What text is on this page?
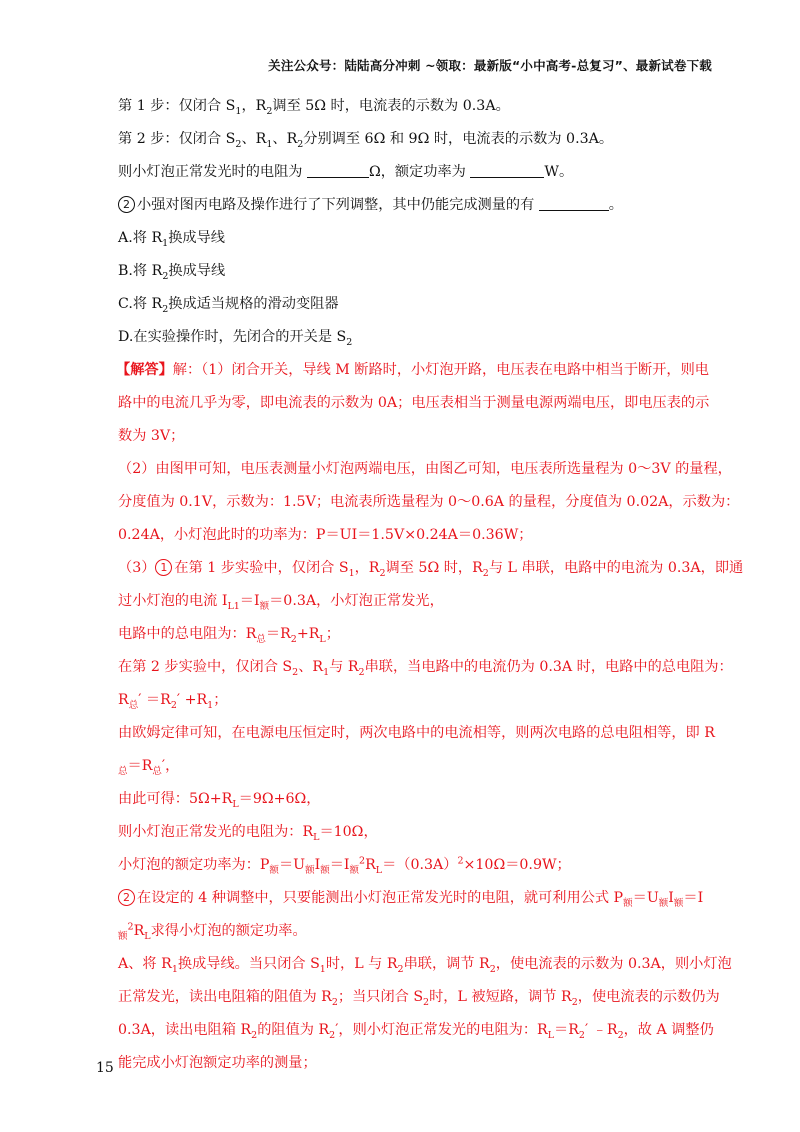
关注公众号：陆陆高分冲刺 ~领取：最新版“小中高考-总复习”、最新试卷下载
第 1 步：仅闭合 $S_1$，$R_2$调至 5Ω 时，电流表的示数为 0.3A。
第 2 步：仅闭合 $S_2$、$R_1$、$R_2$分别调至 6Ω 和 9Ω 时，电流表的示数为 0.3A。
则小灯泡正常发光时的电阻为	Ω，额定功率为	W。
2 小强对图丙电路及操作进行了下列调整，其中仍能完成测量的有	。
A.将 $R_1$换成导线
B.将 $R_2$换成导线
C.将 $R_2$换成适当规格的滑动变阻器
D.在实验操作时，先闭合的开关是 $S_2$
【解答】解：（1）闭合开关，导线 M 断路时，小灯泡开路，电压表在电路中相当于断开，则电
路中的电流几乎为零，即电流表的示数为 0A；电压表相当于测量电源两端电压，即电压表的示
数为 3V；
（2）由图甲可知，电压表测量小灯泡两端电压，由图乙可知，电压表所选量程为 0～3V 的量程，
分度值为 0.1V，示数为：1.5V；电流表所选量程为 0～0.6A 的量程，分度值为 0.02A，示数为：
0.24A，小灯泡此时的功率为：P＝UI＝1.5V×0.24A＝0.36W；
（3） 1 在第 1 步实验中，仅闭合 $S_1$，$R_2$调至 5Ω 时，$R_2$与 L 串联，电路中的电流为 0.3A，即通
过小灯泡的电流 $I_{L1}=I_额=0.3A$，小灯泡正常发光，
电路中的总电阻为：$R_总=R_2+R_L$；
在第 2 步实验中，仅闭合 $S_2$、$R_1$与 $R_2$串联，当电路中的电流仍为 0.3A 时，电路中的总电阻为：
$R_总' =R_2' +R_1$；
由欧姆定律可知，在电源电压恒定时，两次电路中的电流相等，则两次电路的总电阻相等，即 R
$_总=R_总'$，
由此可得：$5\Omega+R_L=9\Omega+6\Omega$，
则小灯泡正常发光的电阻为：$R_L=10\Omega$，
小灯泡的额定功率为：$P_额=U_额I_额=I_额^2R_L=(0.3A)^2\times 10\Omega=0.9W$；
2 在设定的 4 种调整中，只要能测出小灯泡正常发光时的电阻，就可利用公式 $P_额=U_额I_额=I$
$_额^2R_L$求得小灯泡的额定功率。
A、将 $R_1$换成导线。当只闭合 $S_1$时，L 与 $R_2$串联，调节 $R_2$，使电流表的示数为 0.3A，则小灯泡
正常发光，读出电阻箱的阻值为 $R_2$；当只闭合 $S_2$时，L 被短路，调节 $R_2$，使电流表的示数仍为
0.3A，读出电阻箱 $R_2$的阻值为 $R_2'$，则小灯泡正常发光的电阻为：$R_L=R_2'$ $﹣R_2$，故 A 调整仍
能完成小灯泡额定功率的测量；
15
